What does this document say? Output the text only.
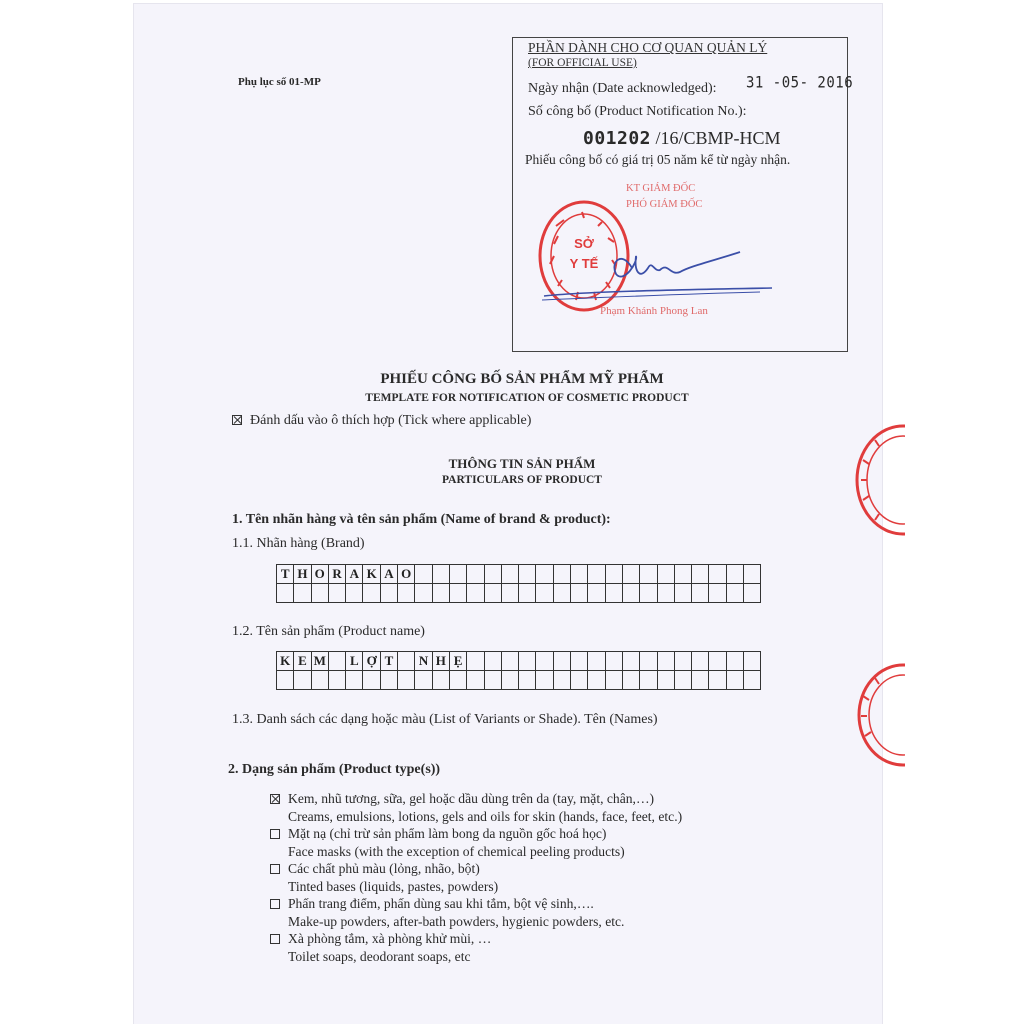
Phụ lục số 01-MP
PHẦN DÀNH CHO CƠ QUAN QUẢN LÝ
(FOR OFFICIAL USE)
Ngày nhận (Date acknowledged): 31 -05- 2016
Số công bố (Product Notification No.):
001202 /16/CBMP-HCM
Phiếu công bố có giá trị 05 năm kể từ ngày nhận.
KT GIÁM ĐỐC
PHÓ GIÁM ĐỐC
SỞ
Y TẾ
Phạm Khánh Phong Lan
PHIẾU CÔNG BỐ SẢN PHẨM MỸ PHẨM
TEMPLATE FOR NOTIFICATION OF COSMETIC PRODUCT
Đánh dấu vào ô thích hợp (Tick where applicable)
THÔNG TIN SẢN PHẨM
PARTICULARS OF PRODUCT
1. Tên nhãn hàng và tên sản phẩm (Name of brand & product):
1.1. Nhãn hàng (Brand)
T H O R A K A O
1.2. Tên sản phẩm (Product name)
K E M L Ợ T	N H Ẹ
1.3. Danh sách các dạng hoặc màu (List of Variants or Shade). Tên (Names)
2. Dạng sản phẩm (Product type(s))
Kem, nhũ tương, sữa, gel hoặc dầu dùng trên da (tay, mặt, chân,…)
Creams, emulsions, lotions, gels and oils for skin (hands, face, feet, etc.)
Mặt nạ (chỉ trừ sản phẩm làm bong da nguồn gốc hoá học)
Face masks (with the exception of chemical peeling products)
Các chất phủ màu (lỏng, nhão, bột)
Tinted bases (liquids, pastes, powders)
Phấn trang điểm, phấn dùng sau khi tắm, bột vệ sinh,….
Make-up powders, after-bath powders, hygienic powders, etc.
Xà phòng tắm, xà phòng khử mùi, …
Toilet soaps, deodorant soaps, etc
